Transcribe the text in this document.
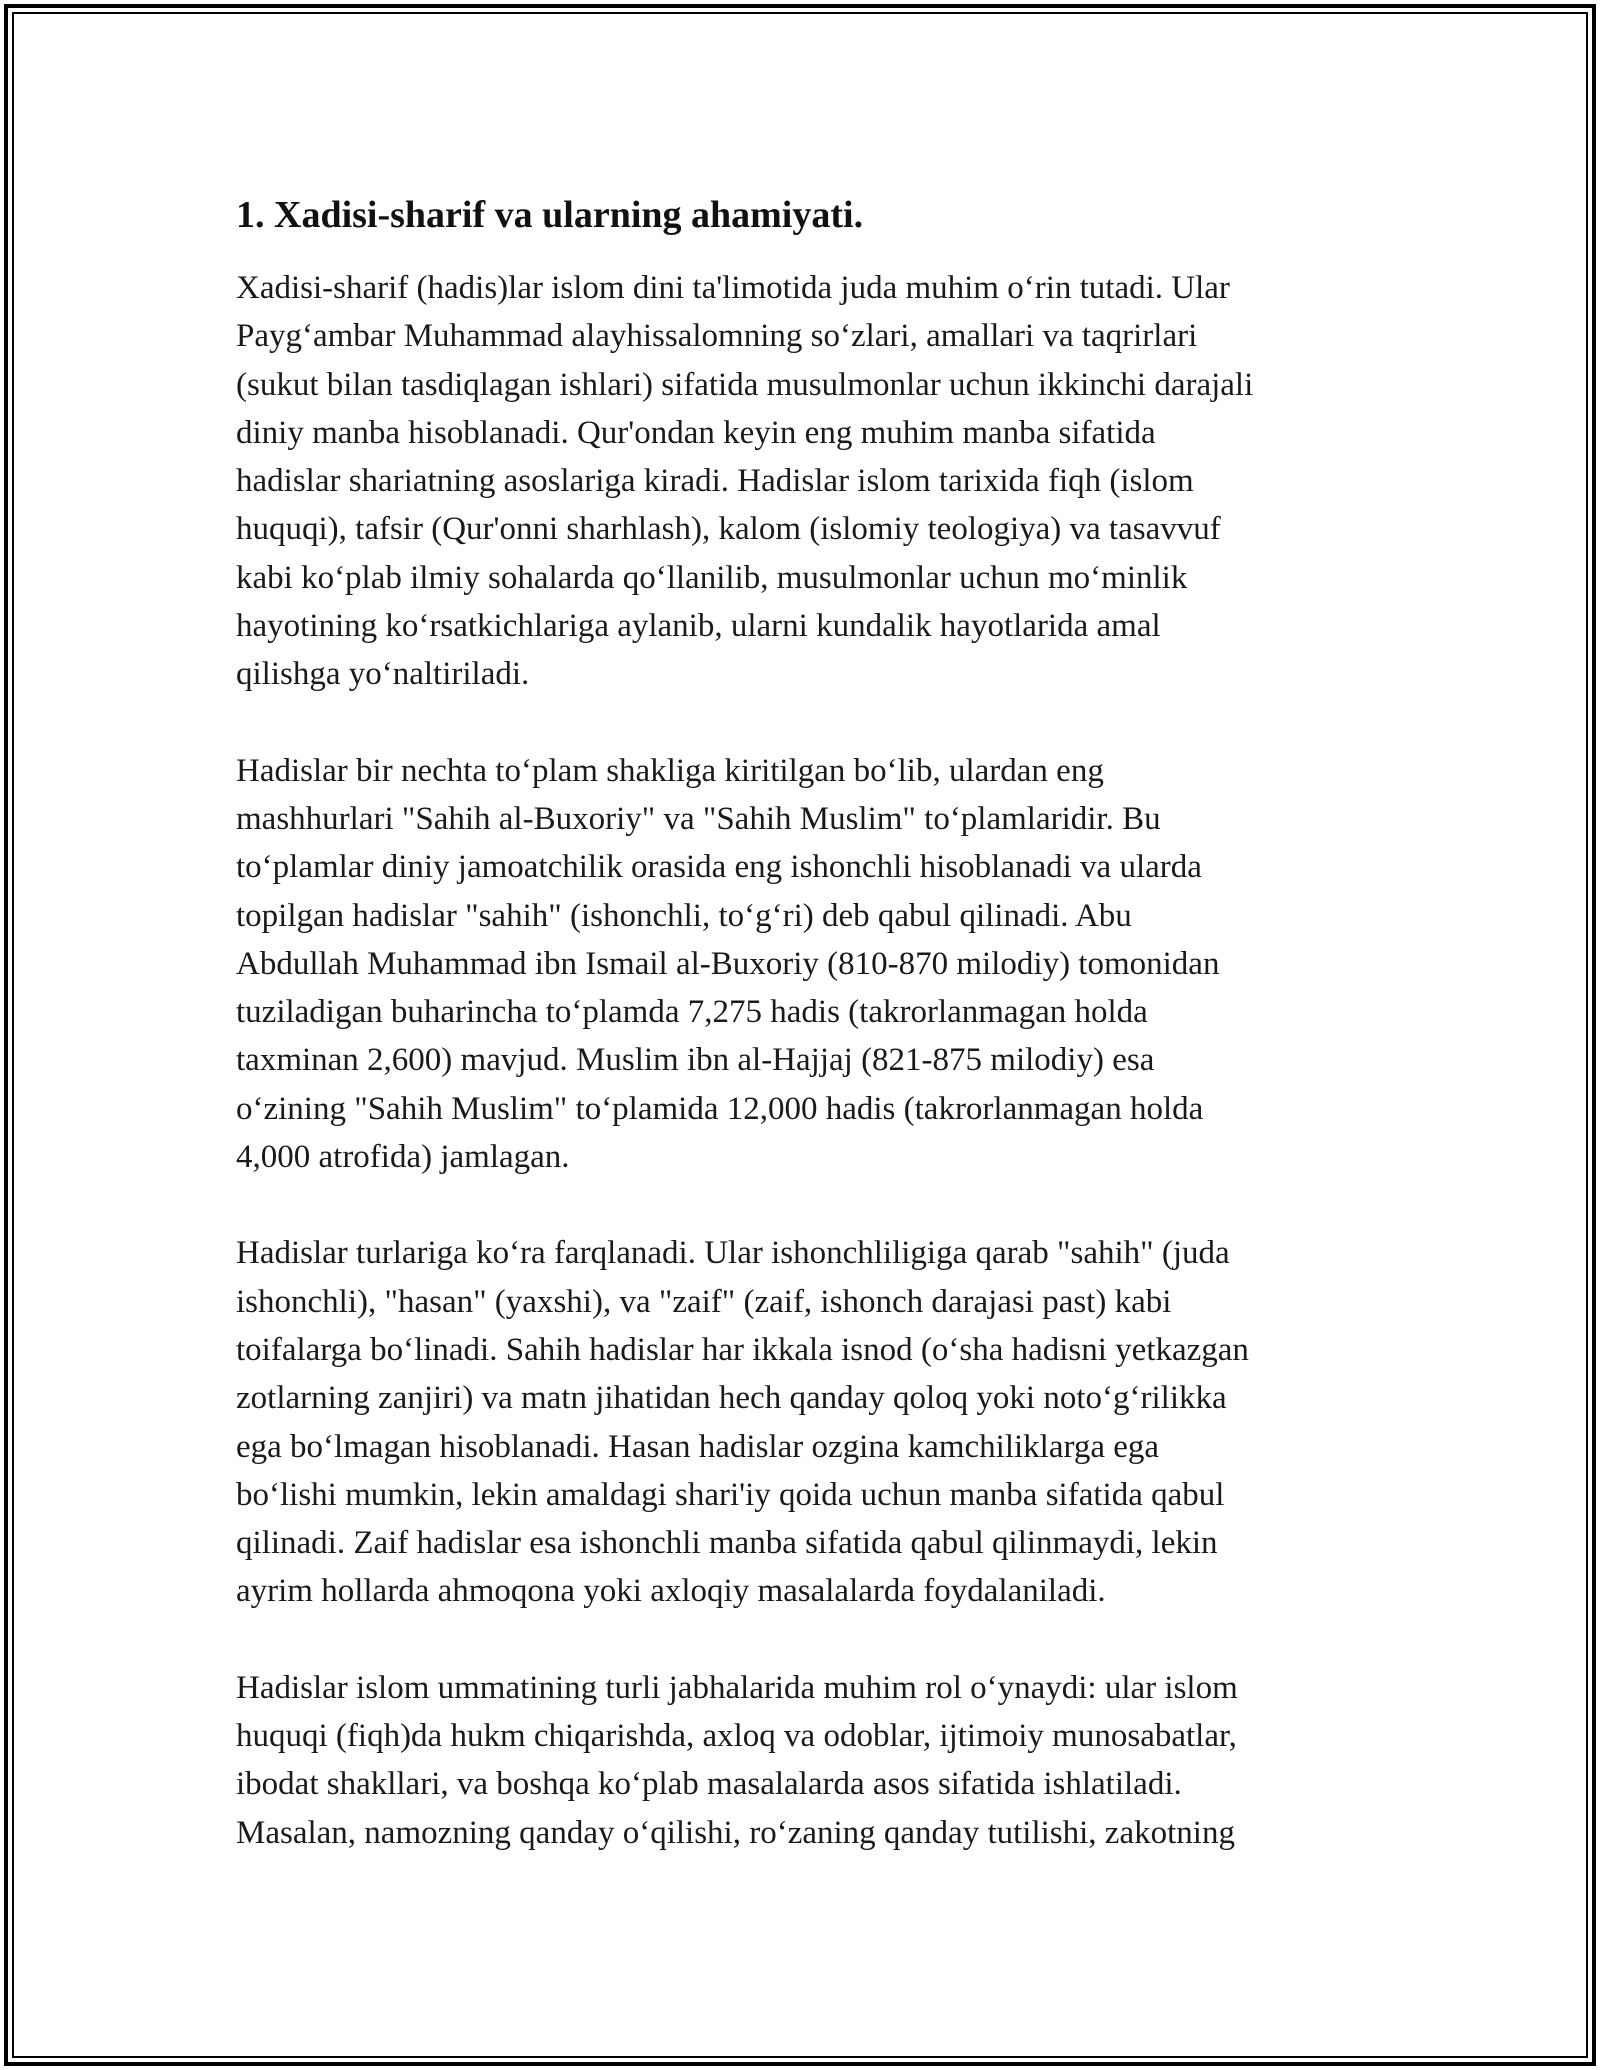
1. Xadisi-sharif va ularning ahamiyati.

Xadisi-sharif (hadis)lar islom dini ta'limotida juda muhim o‘rin tutadi. Ular
Payg‘ambar Muhammad alayhissalomning so‘zlari, amallari va taqrirlari
(sukut bilan tasdiqlagan ishlari) sifatida musulmonlar uchun ikkinchi darajali
diniy manba hisoblanadi. Qur'ondan keyin eng muhim manba sifatida
hadislar shariatning asoslariga kiradi. Hadislar islom tarixida fiqh (islom
huquqi), tafsir (Qur'onni sharhlash), kalom (islomiy teologiya) va tasavvuf
kabi ko‘plab ilmiy sohalarda qo‘llanilib, musulmonlar uchun mo‘minlik
hayotining ko‘rsatkichlariga aylanib, ularni kundalik hayotlarida amal
qilishga yo‘naltiriladi.

Hadislar bir nechta to‘plam shakliga kiritilgan bo‘lib, ulardan eng
mashhurlari "Sahih al-Buxoriy" va "Sahih Muslim" to‘plamlaridir. Bu
to‘plamlar diniy jamoatchilik orasida eng ishonchli hisoblanadi va ularda
topilgan hadislar "sahih" (ishonchli, to‘g‘ri) deb qabul qilinadi. Abu
Abdullah Muhammad ibn Ismail al-Buxoriy (810-870 milodiy) tomonidan
tuziladigan buharincha to‘plamda 7,275 hadis (takrorlanmagan holda
taxminan 2,600) mavjud. Muslim ibn al-Hajjaj (821-875 milodiy) esa
o‘zining "Sahih Muslim" to‘plamida 12,000 hadis (takrorlanmagan holda
4,000 atrofida) jamlagan.

Hadislar turlariga ko‘ra farqlanadi. Ular ishonchliligiga qarab "sahih" (juda
ishonchli), "hasan" (yaxshi), va "zaif" (zaif, ishonch darajasi past) kabi
toifalarga bo‘linadi. Sahih hadislar har ikkala isnod (o‘sha hadisni yetkazgan
zotlarning zanjiri) va matn jihatidan hech qanday qoloq yoki noto‘g‘rilikka
ega bo‘lmagan hisoblanadi. Hasan hadislar ozgina kamchiliklarga ega
bo‘lishi mumkin, lekin amaldagi shari'iy qoida uchun manba sifatida qabul
qilinadi. Zaif hadislar esa ishonchli manba sifatida qabul qilinmaydi, lekin
ayrim hollarda ahmoqona yoki axloqiy masalalarda foydalaniladi.

Hadislar islom ummatining turli jabhalarida muhim rol o‘ynaydi: ular islom
huquqi (fiqh)da hukm chiqarishda, axloq va odoblar, ijtimoiy munosabatlar,
ibodat shakllari, va boshqa ko‘plab masalalarda asos sifatida ishlatiladi.
Masalan, namozning qanday o‘qilishi, ro‘zaning qanday tutilishi, zakotning
